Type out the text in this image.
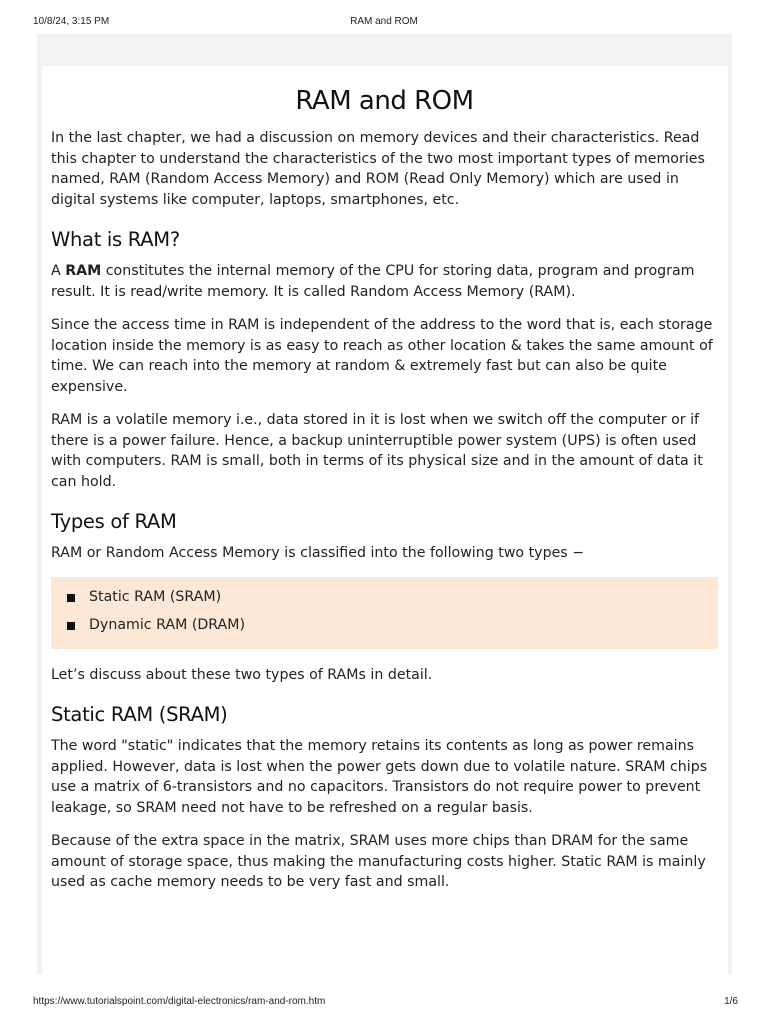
10/8/24, 3:15 PM	RAM and ROM
RAM and ROM

In the last chapter, we had a discussion on memory devices and their characteristics. Read this chapter to understand the characteristics of the two most important types of memories named, RAM (Random Access Memory) and ROM (Read Only Memory) which are used in digital systems like computer, laptops, smartphones, etc.

What is RAM?

A RAM constitutes the internal memory of the CPU for storing data, program and program result. It is read/write memory. It is called Random Access Memory (RAM).

Since the access time in RAM is independent of the address to the word that is, each storage location inside the memory is as easy to reach as other location & takes the same amount of time. We can reach into the memory at random & extremely fast but can also be quite expensive.

RAM is a volatile memory i.e., data stored in it is lost when we switch off the computer or if there is a power failure. Hence, a backup uninterruptible power system (UPS) is often used with computers. RAM is small, both in terms of its physical size and in the amount of data it can hold.

Types of RAM

RAM or Random Access Memory is classified into the following two types −

Static RAM (SRAM)
Dynamic RAM (DRAM)

Let’s discuss about these two types of RAMs in detail.

Static RAM (SRAM)

The word "static" indicates that the memory retains its contents as long as power remains applied. However, data is lost when the power gets down due to volatile nature. SRAM chips use a matrix of 6-transistors and no capacitors. Transistors do not require power to prevent leakage, so SRAM need not have to be refreshed on a regular basis.

Because of the extra space in the matrix, SRAM uses more chips than DRAM for the same amount of storage space, thus making the manufacturing costs higher. Static RAM is mainly used as cache memory needs to be very fast and small.

https://www.tutorialspoint.com/digital-electronics/ram-and-rom.htm	1/6
